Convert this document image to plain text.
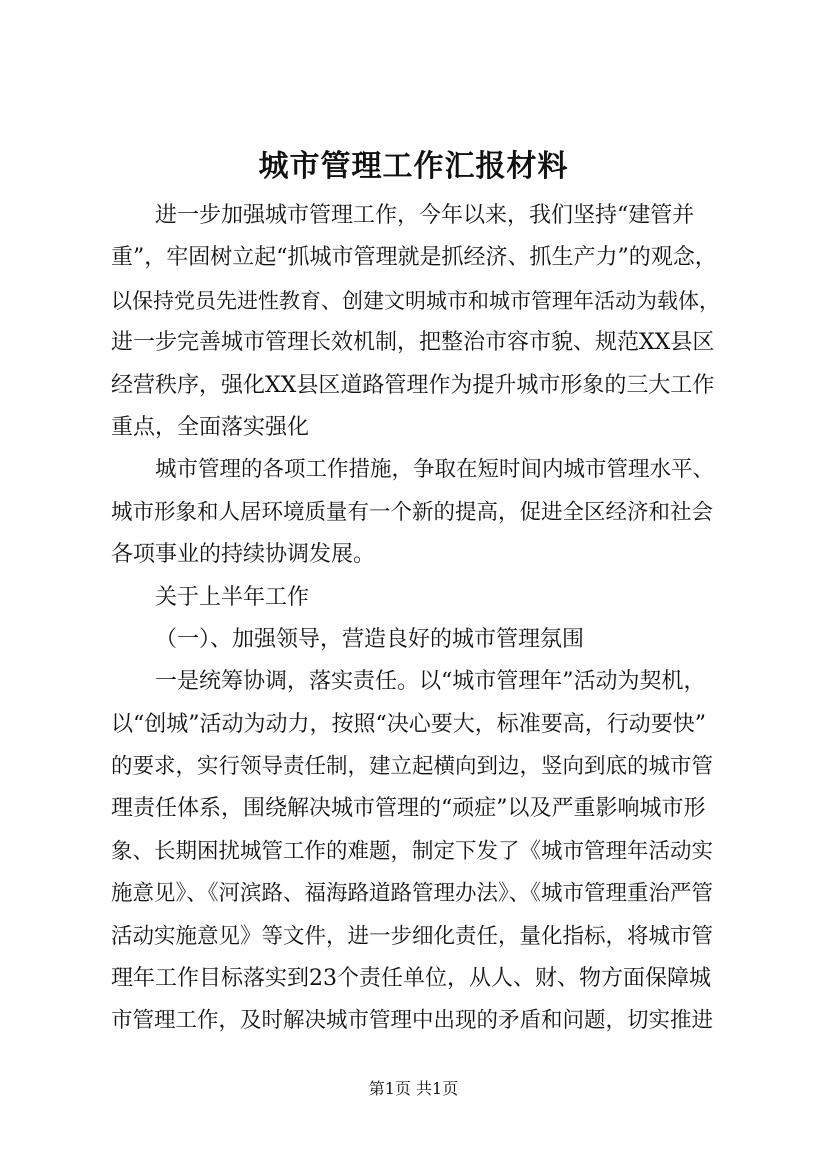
城市管理工作汇报材料
进一步加强城市管理工作，今年以来，我们坚持“建管并
重”，牢固树立起“抓城市管理就是抓经济、抓生产力”的观念，
以保持党员先进性教育、创建文明城市和城市管理年活动为载体，
进一步完善城市管理长效机制，把整治市容市貌、规范XX县区
经营秩序，强化XX县区道路管理作为提升城市形象的三大工作
重点，全面落实强化
城市管理的各项工作措施，争取在短时间内城市管理水平、
城市形象和人居环境质量有一个新的提高，促进全区经济和社会
各项事业的持续协调发展。
关于上半年工作
（一）、加强领导，营造良好的城市管理氛围
一是统筹协调，落实责任。以“城市管理年”活动为契机，
以“创城”活动为动力，按照“决心要大，标准要高，行动要快”
的要求，实行领导责任制，建立起横向到边，竖向到底的城市管
理责任体系，围绕解决城市管理的“顽症”以及严重影响城市形
象、长期困扰城管工作的难题，制定下发了《城市管理年活动实
施意见》、《河滨路、福海路道路管理办法》、《城市管理重治严管
活动实施意见》等文件，进一步细化责任，量化指标，将城市管
理年工作目标落实到23个责任单位，从人、财、物方面保障城
市管理工作，及时解决城市管理中出现的矛盾和问题，切实推进
第1页 共1页
